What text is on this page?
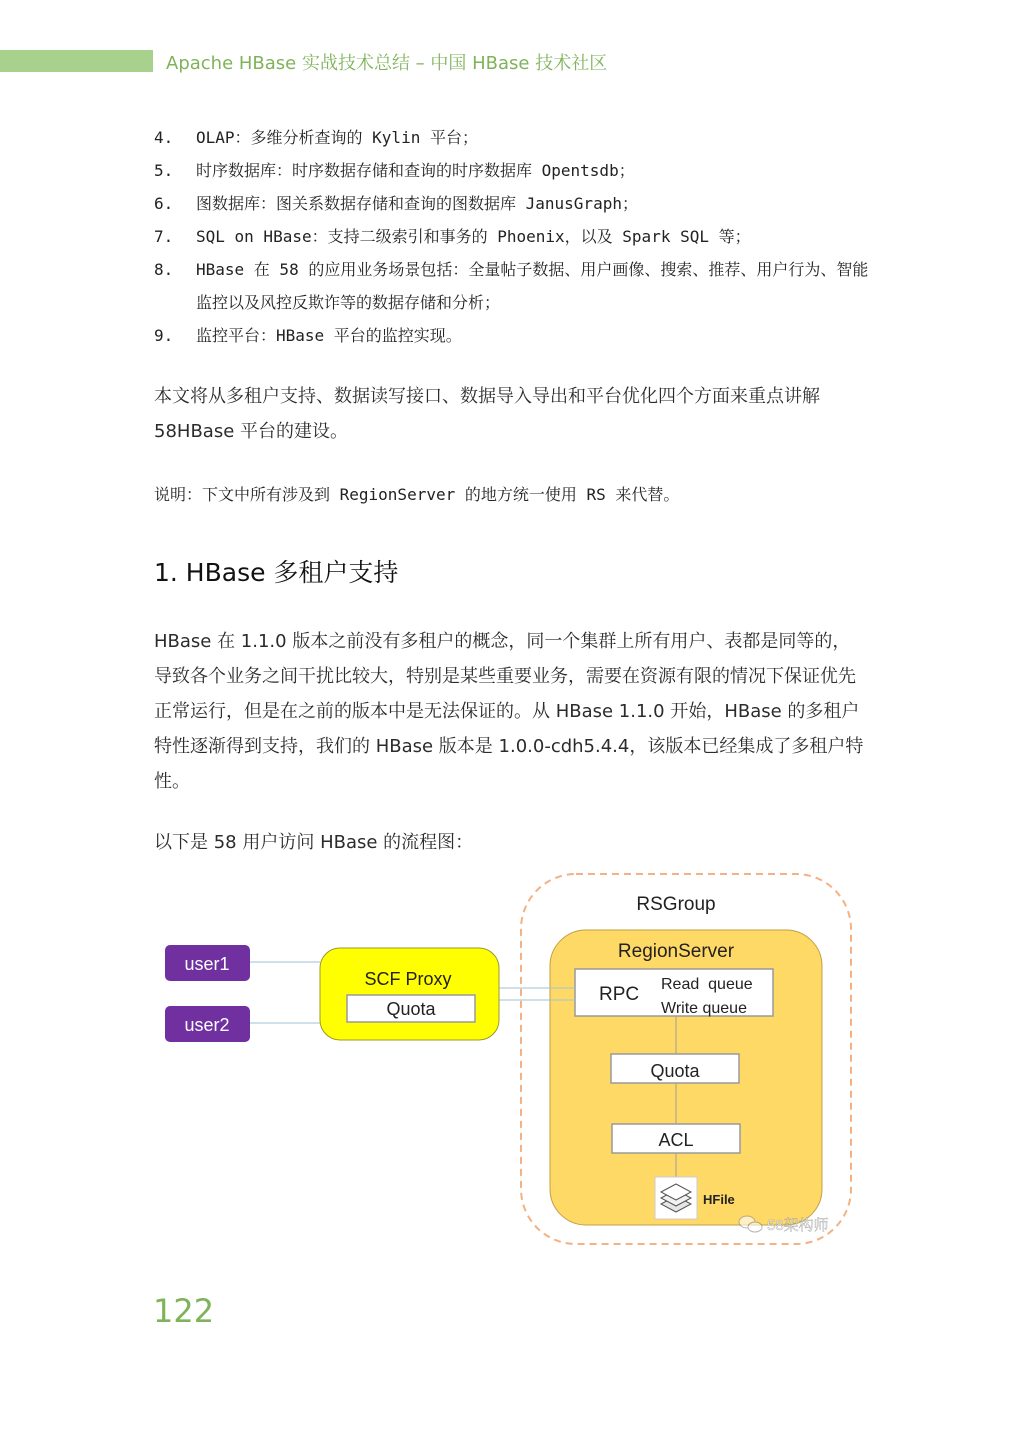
Apache HBase 实战技术总结 – 中国 HBase 技术社区
4. OLAP：多维分析查询的 Kylin 平台；
5. 时序数据库：时序数据存储和查询的时序数据库 Opentsdb；
6. 图数据库：图关系数据存储和查询的图数据库 JanusGraph；
7. SQL on HBase：支持二级索引和事务的 Phoenix，以及 Spark SQL 等；
8. HBase 在 58 的应用业务场景包括：全量帖子数据、用户画像、搜索、推荐、用户行为、智能监控以及风控反欺诈等的数据存储和分析；
9. 监控平台：HBase 平台的监控实现。

本文将从多租户支持、数据读写接口、数据导入导出和平台优化四个方面来重点讲解 58HBase 平台的建设。

说明：下文中所有涉及到 RegionServer 的地方统一使用 RS 来代替。
1. HBase 多租户支持

HBase 在 1.1.0 版本之前没有多租户的概念，同一个集群上所有用户、表都是同等的，导致各个业务之间干扰比较大，特别是某些重要业务，需要在资源有限的情况下保证优先正常运行，但是在之前的版本中是无法保证的。从 HBase 1.1.0 开始，HBase 的多租户特性逐渐得到支持，我们的 HBase 版本是 1.0.0-cdh5.4.4，该版本已经集成了多租户特性。

以下是 58 用户访问 HBase 的流程图：
RSGroup
RegionServer
RPC Read  queue
Write queue
Quota
ACL
HFile
user1
user2
SCF Proxy
Quota
58架构师
122
